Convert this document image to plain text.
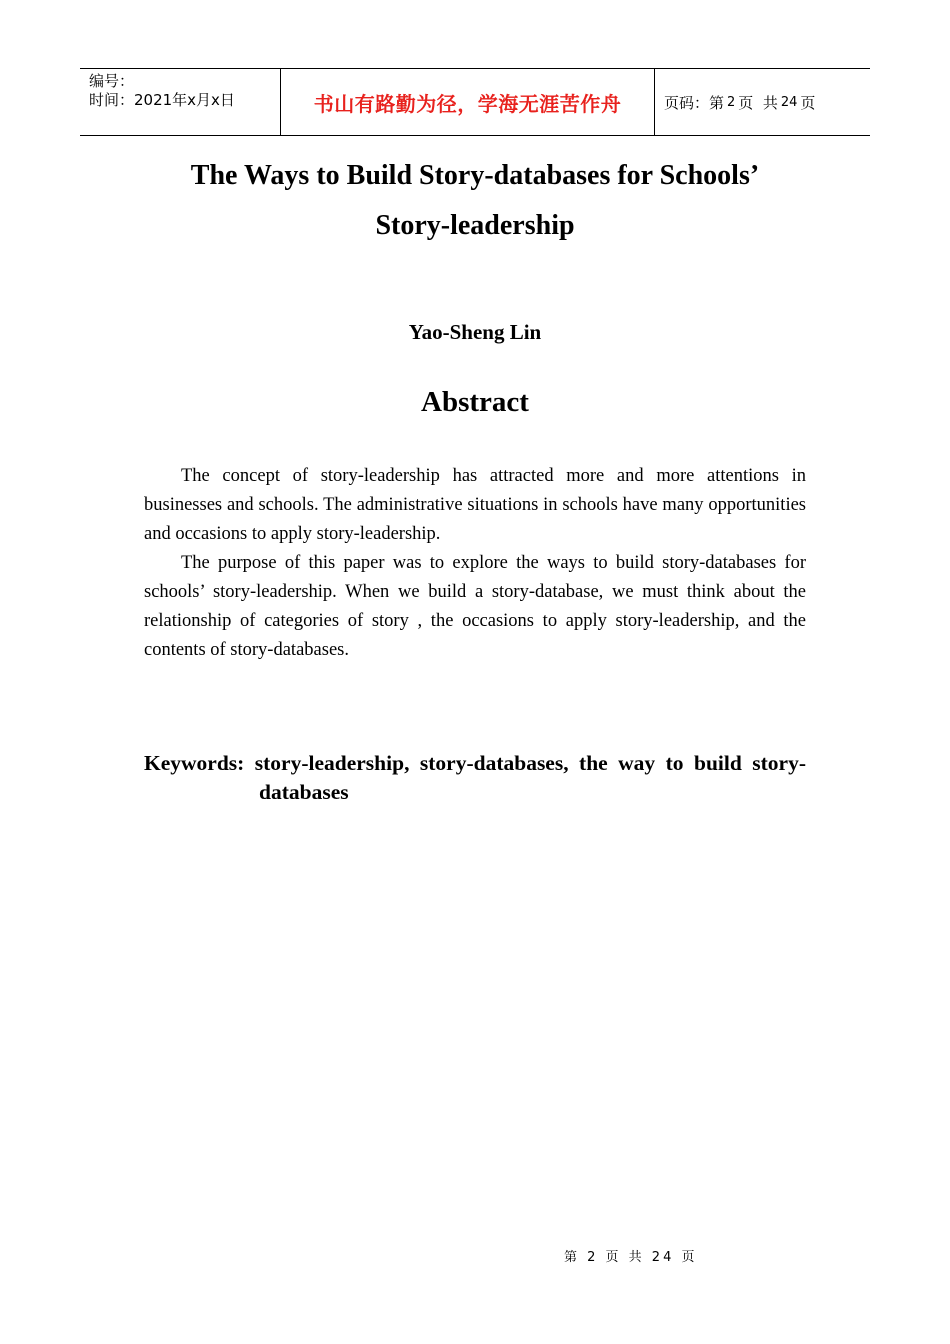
编号：
时间：2021年x月x日	书山有路勤为径，学海无涯苦作舟	页码：第 2 页  共 24 页
The Ways to Build Story-databases for Schools’
Story-leadership
Yao-Sheng Lin
Abstract

The concept of story-leadership has attracted more and more attentions in businesses and schools. The administrative situations in schools have many opportunities and occasions to apply story-leadership.

The purpose of this paper was to explore the ways to build story-databases for schools’ story-leadership. When we build a story-database, we must think about the relationship of categories of story , the occasions to apply story-leadership, and the contents of story-databases.

Keywords: story-leadership, story-databases, the way to build story-
databases
第 2 页 共 24 页
